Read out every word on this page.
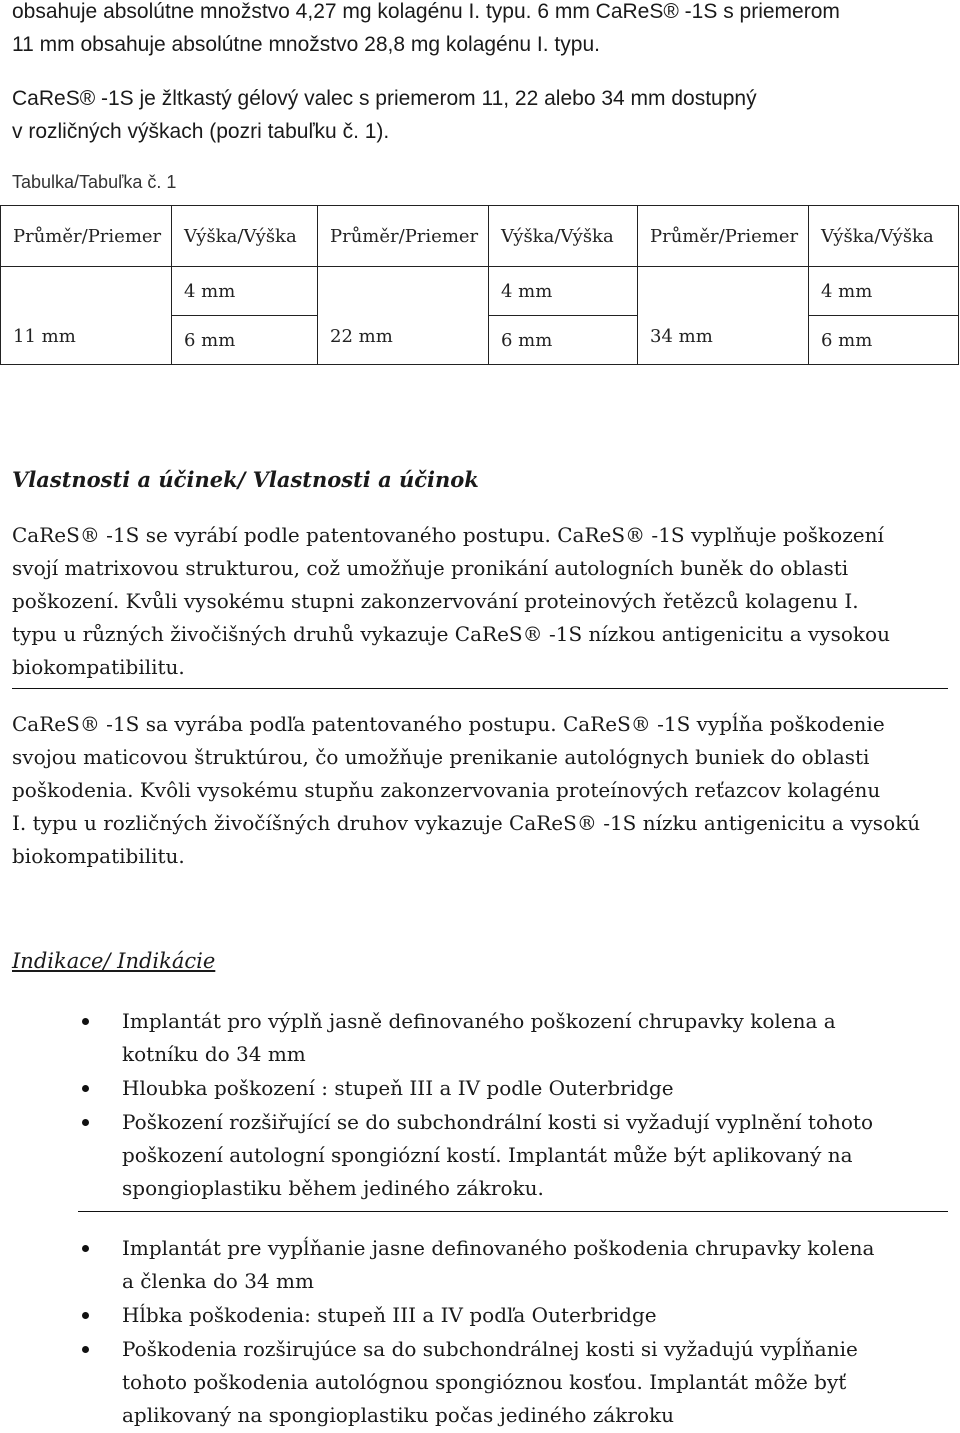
obsahuje absolútne množstvo 4,27 mg kolagénu I. typu. 6 mm CaReS® -1S s priemerom
11 mm obsahuje absolútne množstvo 28,8 mg kolagénu I. typu.
CaReS® -1S je žltkastý gélový valec s priemerom 11, 22 alebo 34 mm dostupný
v rozličných výškach (pozri tabuľku č. 1).
Tabulka/Tabuľka č. 1
Průměr/Priemer	Výška/Výška	Průměr/Priemer	Výška/Výška	Průměr/Priemer	Výška/Výška
11 mm	4 mm	22 mm	4 mm	34 mm	4 mm
	6 mm		6 mm		6 mm
Vlastnosti a účinek/ Vlastnosti a účinok
CaReS® -1S se vyrábí podle patentovaného postupu. CaReS® -1S vyplňuje poškození
svojí matrixovou strukturou, což umožňuje pronikání autologních buněk do oblasti
poškození. Kvůli vysokému stupni zakonzervování proteinových řetězců kolagenu I.
typu u různých živočišných druhů vykazuje CaReS® -1S nízkou antigenicitu a vysokou
biokompatibilitu.
CaReS® -1S sa vyrába podľa patentovaného postupu. CaReS® -1S vypĺňa poškodenie
svojou maticovou štruktúrou, čo umožňuje prenikanie autológnych buniek do oblasti
poškodenia. Kvôli vysokému stupňu zakonzervovania proteínových reťazcov kolagénu
I. typu u rozličných živočíšných druhov vykazuje CaReS® -1S nízku antigenicitu a vysokú
biokompatibilitu.
Indikace/ Indikácie
Implantát pro výplň jasně definovaného poškození chrupavky kolena a
kotníku do 34 mm
Hloubka poškození : stupeň III a IV podle Outerbridge
Poškození rozšiřující se do subchondrální kosti si vyžadují vyplnění tohoto
poškození autologní spongiózní kostí. Implantát může být aplikovaný na
spongioplastiku během jediného zákroku.
Implantát pre vypĺňanie jasne definovaného poškodenia chrupavky kolena
a členka do 34 mm
Hĺbka poškodenia: stupeň III a IV podľa Outerbridge
Poškodenia rozširujúce sa do subchondrálnej kosti si vyžadujú vypĺňanie
tohoto poškodenia autológnou spongióznou kosťou. Implantát môže byť
aplikovaný na spongioplastiku počas jediného zákroku
